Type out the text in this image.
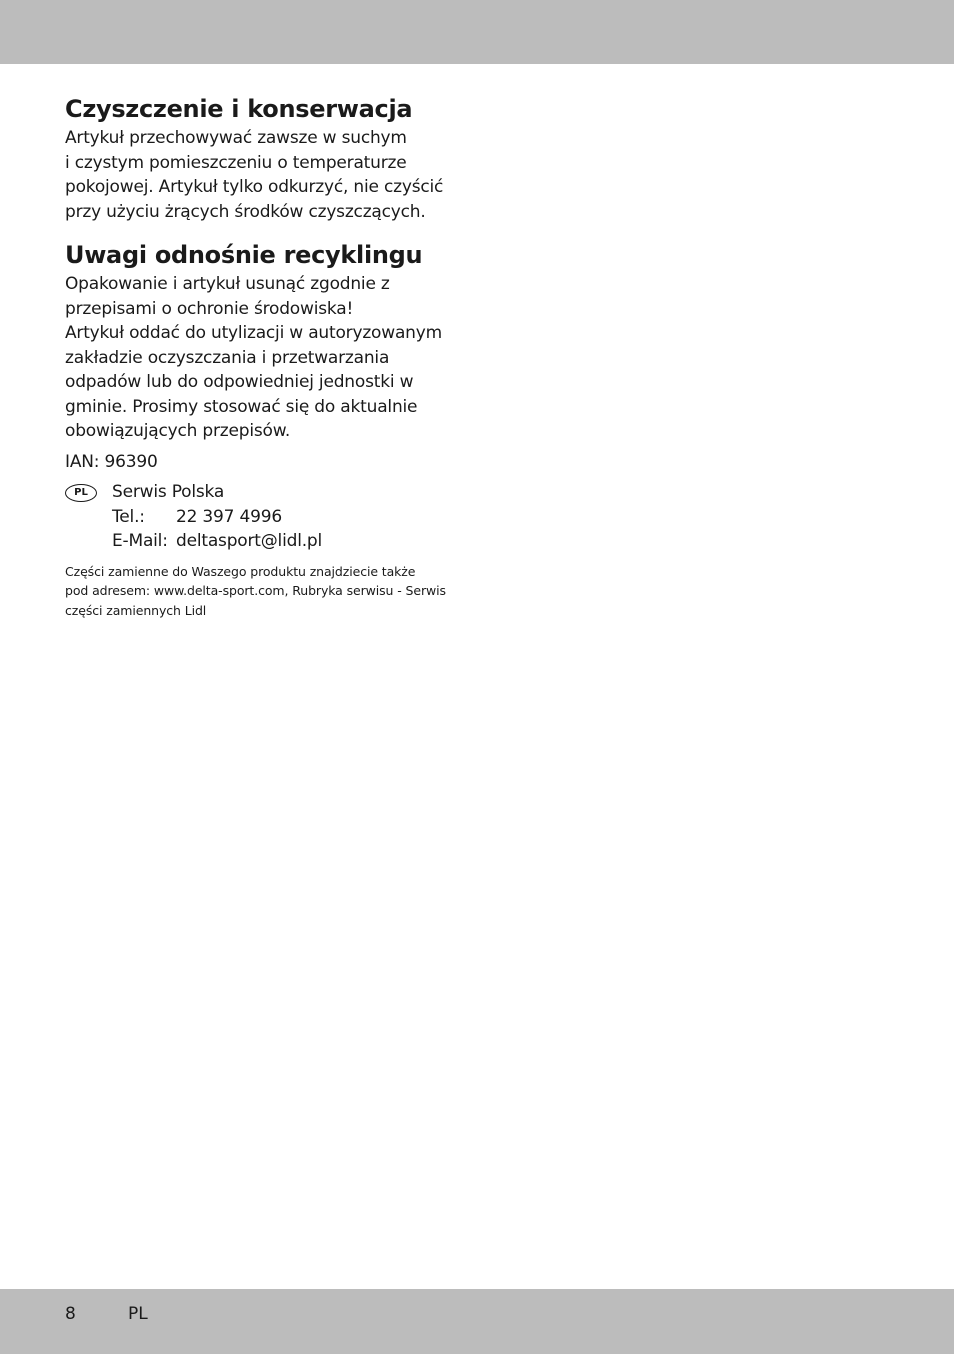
Czyszczenie i konserwacja

Artykuł przechowywać zawsze w suchym
i czystym pomieszczeniu o temperaturze
pokojowej. Artykuł tylko odkurzyć, nie czyścić
przy użyciu żrących środków czyszczących.

Uwagi odnośnie recyklingu

Opakowanie i artykuł usunąć zgodnie z
przepisami o ochronie środowiska!
Artykuł oddać do utylizacji w autoryzowanym
zakładzie oczyszczania i przetwarzania
odpadów lub do odpowiedniej jednostki w
gminie. Prosimy stosować się do aktualnie
obowiązujących przepisów.

IAN: 96390

PL	Serwis Polska
Tel.: 22 397 4996
E-Mail: deltasport@lidl.pl

Części zamienne do Waszego produktu znajdziecie także
pod adresem: www.delta-sport.com, Rubryka serwisu - Serwis
części zamiennych Lidl

8	PL
